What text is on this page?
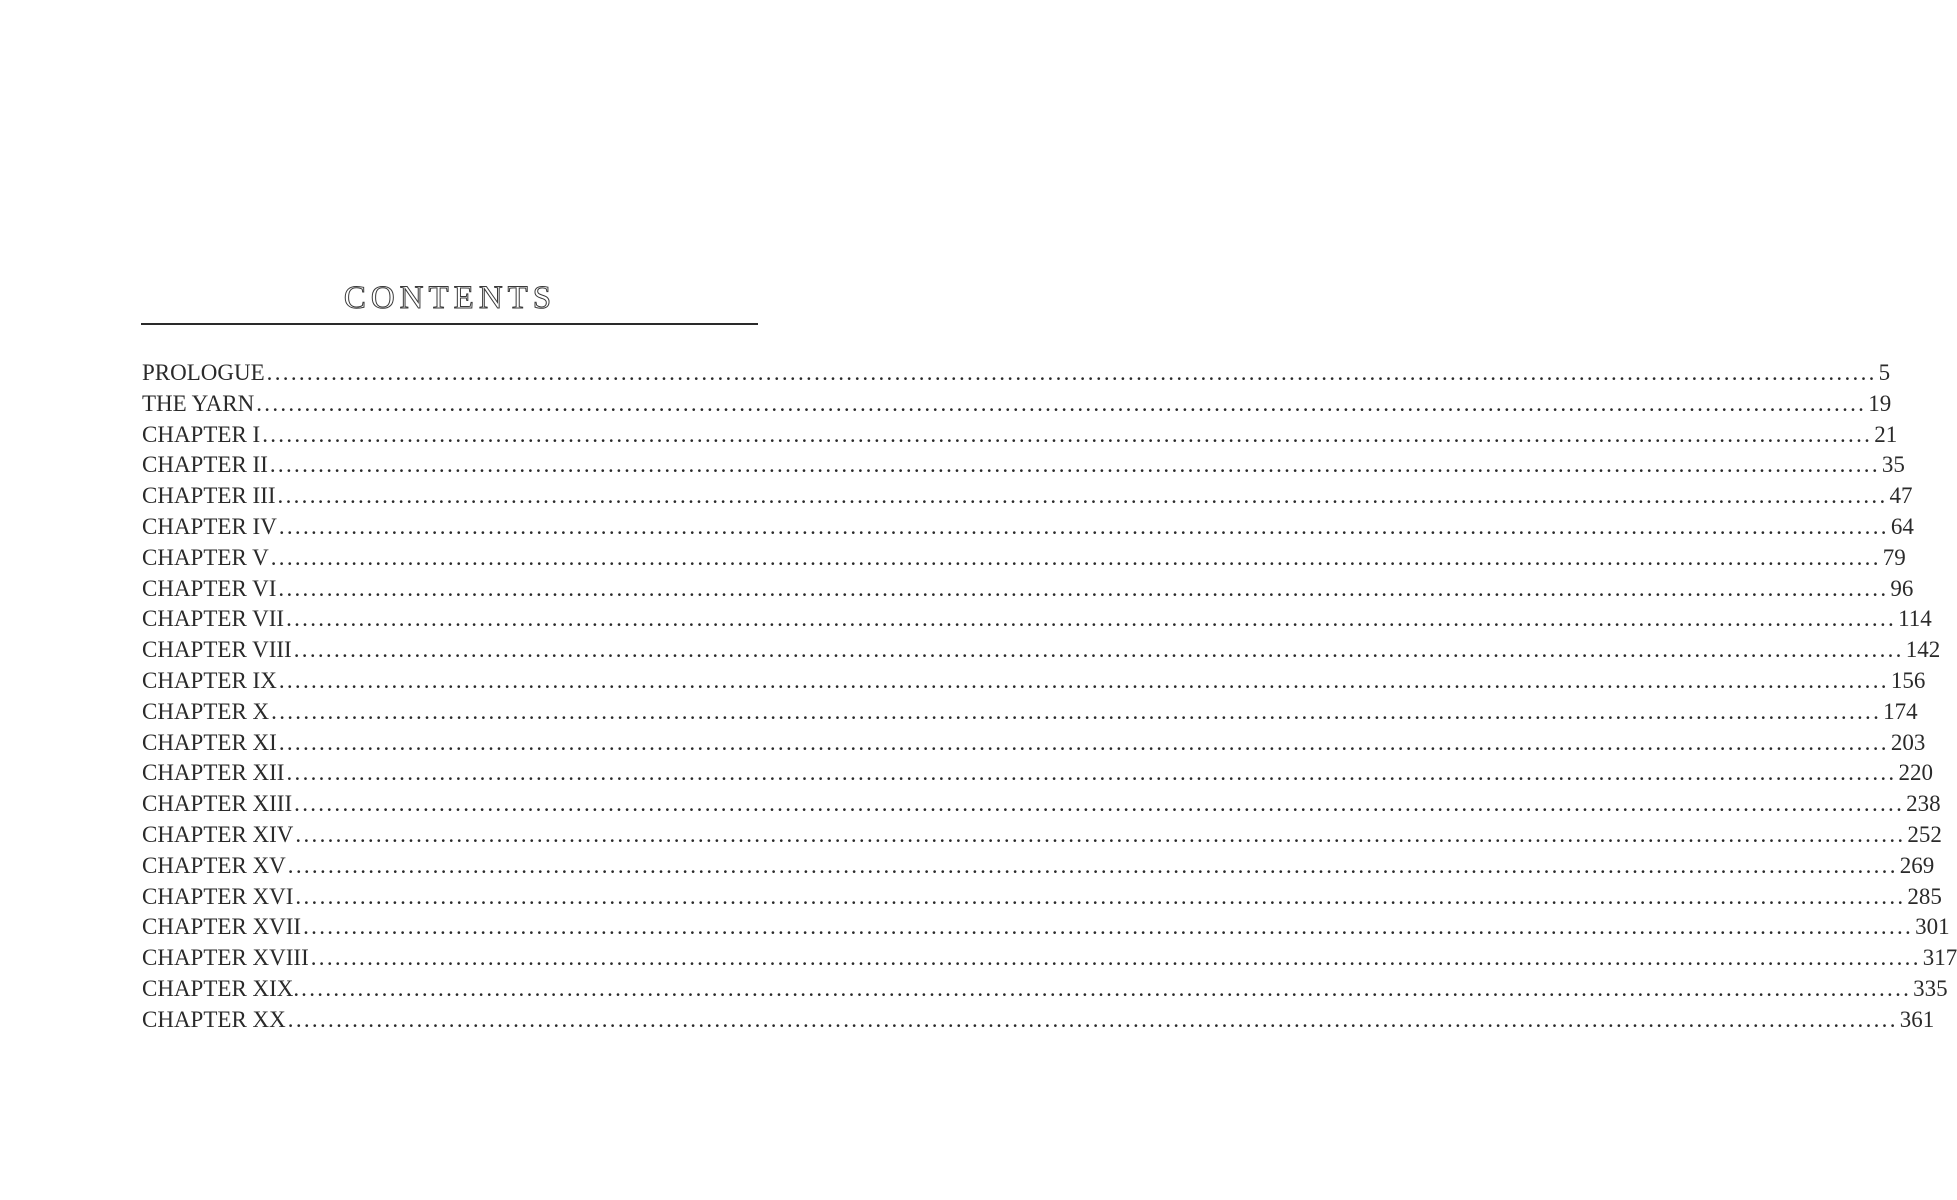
CONTENTS
PROLOGUE ........................................................................................................................................................................................................ 5
THE YARN ........................................................................................................................................................................................................ 19
CHAPTER I ........................................................................................................................................................................................................ 21
CHAPTER II ........................................................................................................................................................................................................ 35
CHAPTER III ........................................................................................................................................................................................................ 47
CHAPTER IV ........................................................................................................................................................................................................ 64
CHAPTER V ........................................................................................................................................................................................................ 79
CHAPTER VI ........................................................................................................................................................................................................ 96
CHAPTER VII ........................................................................................................................................................................................................ 114
CHAPTER VIII ........................................................................................................................................................................................................ 142
CHAPTER IX ........................................................................................................................................................................................................ 156
CHAPTER X ........................................................................................................................................................................................................ 174
CHAPTER XI ........................................................................................................................................................................................................ 203
CHAPTER XII ........................................................................................................................................................................................................ 220
CHAPTER XIII ........................................................................................................................................................................................................ 238
CHAPTER XIV ........................................................................................................................................................................................................ 252
CHAPTER XV ........................................................................................................................................................................................................ 269
CHAPTER XVI ........................................................................................................................................................................................................ 285
CHAPTER XVII ........................................................................................................................................................................................................ 301
CHAPTER XVIII ........................................................................................................................................................................................................ 317
CHAPTER XIX. ........................................................................................................................................................................................................ 335
CHAPTER XX ........................................................................................................................................................................................................ 361
